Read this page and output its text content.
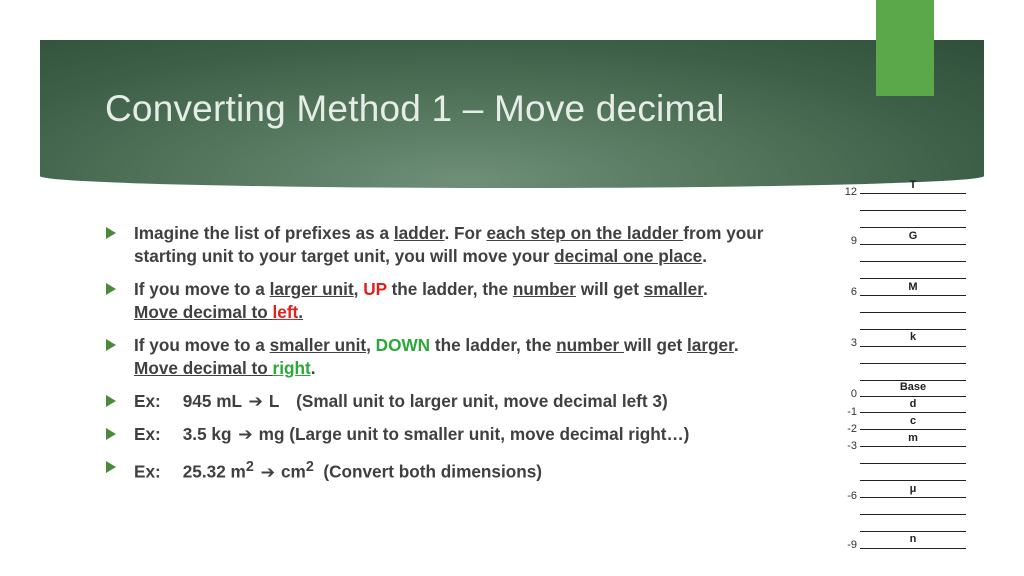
Converting Method 1 – Move decimal
Imagine the list of prefixes as a ladder. For each step on the ladder from your starting unit to your target unit, you will move your decimal one place.
If you move to a larger unit, UP the ladder, the number will get smaller.
Move decimal to left.
If you move to a smaller unit, DOWN the ladder, the number will get larger.
Move decimal to right.
Ex: 945 mL ➔ L (Small unit to larger unit, move decimal left 3)
Ex: 3.5 kg ➔ mg (Large unit to smaller unit, move decimal right…)
Ex: 25.32 $m^2$ ➔ $cm^2$ (Convert both dimensions)
T
G
M
k
Base
d
c
m
μ
n
12
9
6
3
0
-1
-2
-3
-6
-9
